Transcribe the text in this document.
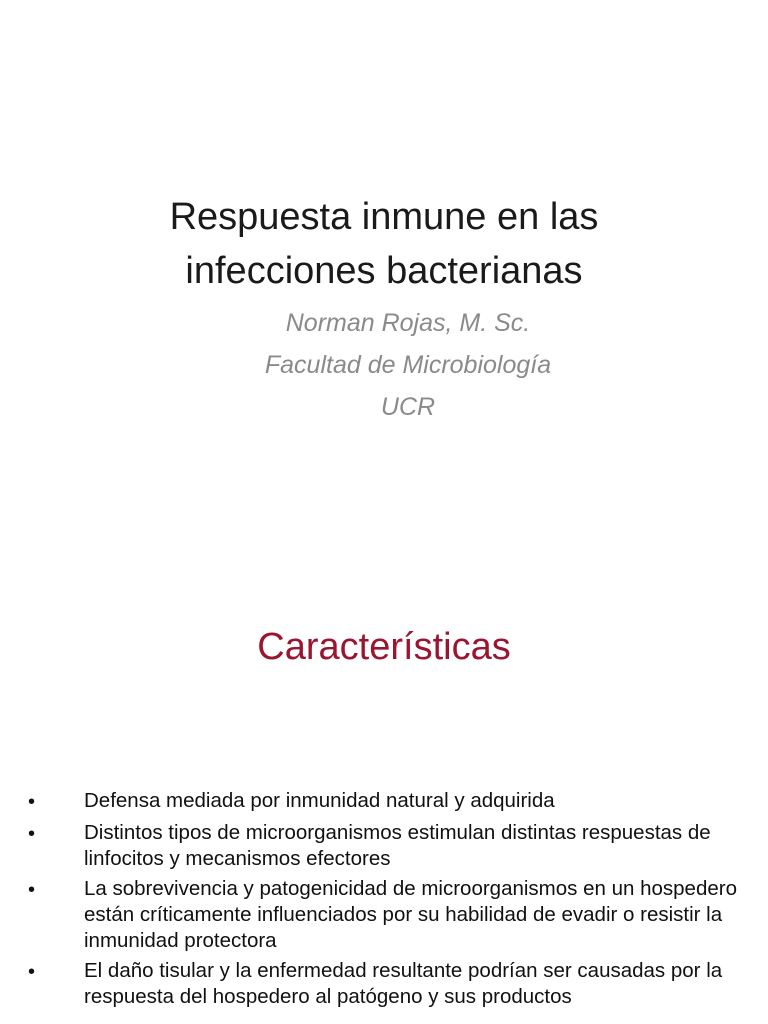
Respuesta inmune en las
infecciones bacterianas
Norman Rojas, M. Sc.
Facultad de Microbiología
UCR
Características
•	Defensa mediada por inmunidad natural y adquirida
•	Distintos tipos de microorganismos estimulan distintas respuestas de linfocitos y mecanismos efectores
•	La sobrevivencia y patogenicidad de microorganismos en un hospedero están críticamente influenciados por su habilidad de evadir o resistir la inmunidad protectora
•	El daño tisular y la enfermedad resultante podrían ser causadas por la respuesta del hospedero al patógeno y sus productos
